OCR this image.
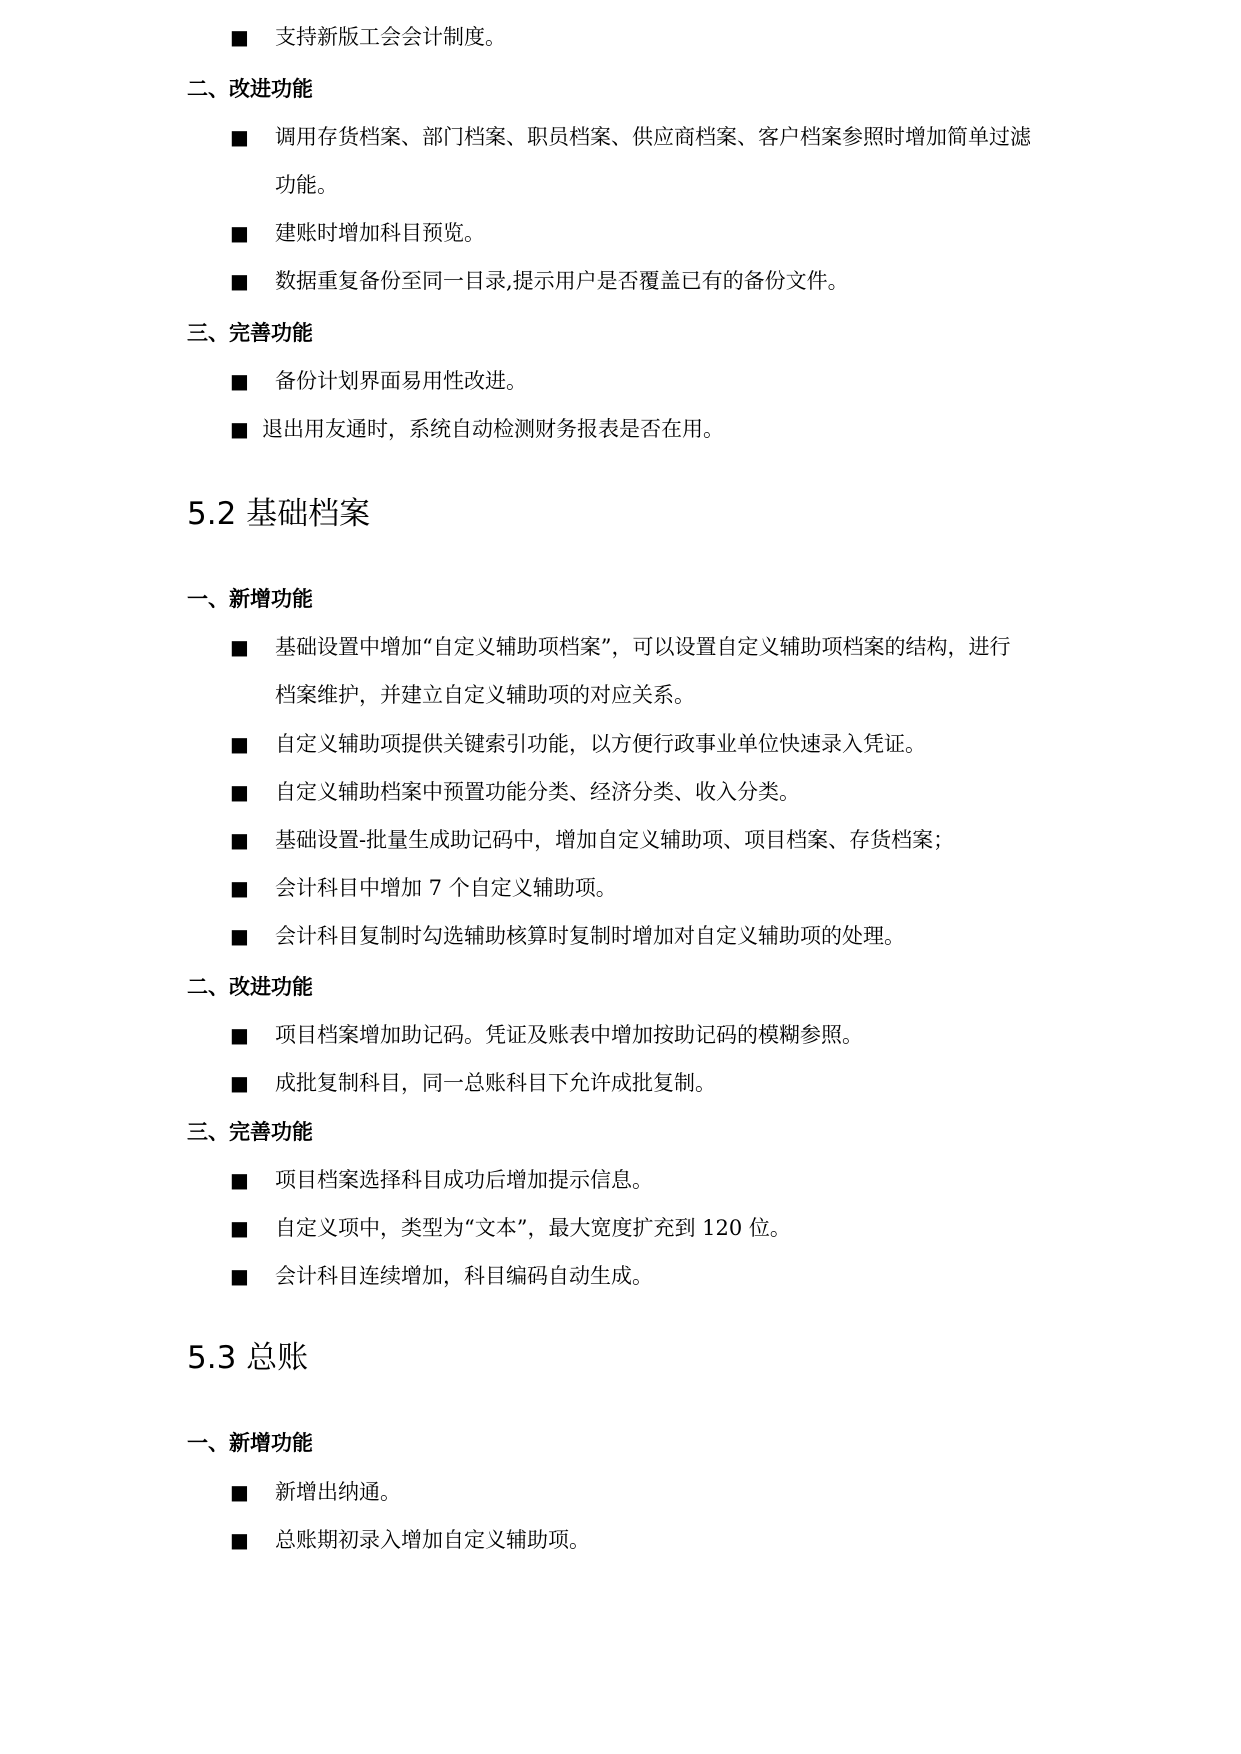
■ 支持新版工会会计制度。
二、改进功能
■ 调用存货档案、部门档案、职员档案、供应商档案、客户档案参照时增加简单过滤
功能。
■ 建账时增加科目预览。
■ 数据重复备份至同一目录,提示用户是否覆盖已有的备份文件。
三、完善功能
■ 备份计划界面易用性改进。
■ 退出用友通时，系统自动检测财务报表是否在用。
5.2 基础档案
一、新增功能
■ 基础设置中增加“自定义辅助项档案”，可以设置自定义辅助项档案的结构，进行
档案维护，并建立自定义辅助项的对应关系。
■ 自定义辅助项提供关键索引功能，以方便行政事业单位快速录入凭证。
■ 自定义辅助档案中预置功能分类、经济分类、收入分类。
■ 基础设置-批量生成助记码中，增加自定义辅助项、项目档案、存货档案；
■ 会计科目中增加 7 个自定义辅助项。
■ 会计科目复制时勾选辅助核算时复制时增加对自定义辅助项的处理。
二、改进功能
■ 项目档案增加助记码。凭证及账表中增加按助记码的模糊参照。
■ 成批复制科目，同一总账科目下允许成批复制。
三、完善功能
■ 项目档案选择科目成功后增加提示信息。
■ 自定义项中，类型为“文本”，最大宽度扩充到 120 位。
■ 会计科目连续增加，科目编码自动生成。
5.3 总账
一、新增功能
■ 新增出纳通。
■ 总账期初录入增加自定义辅助项。
